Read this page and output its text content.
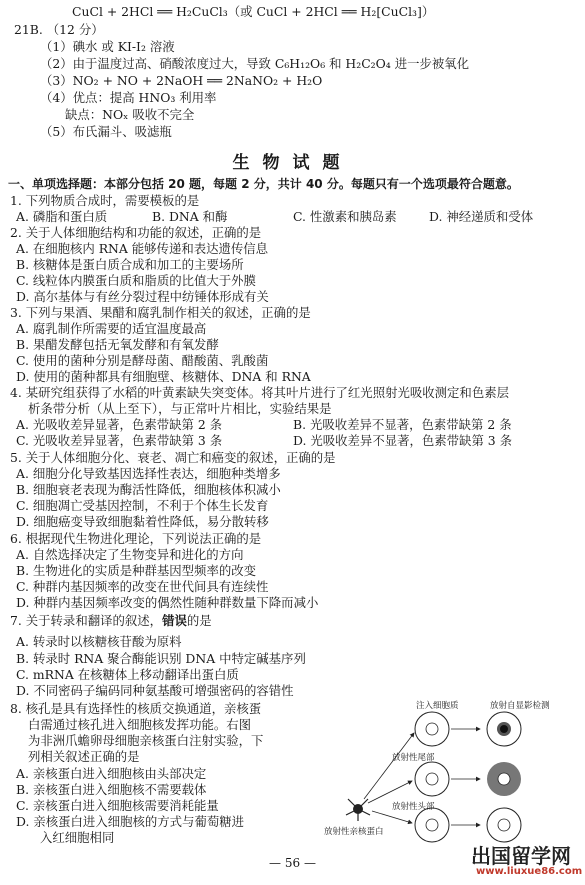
CuCl + 2HCl ══ H₂CuCl₃（或 CuCl + 2HCl ══ H₂[CuCl₃]）
21B. （12 分）
（1）碘水 或 KI-I₂ 溶液
（2）由于温度过高、硝酸浓度过大，导致 C₆H₁₂O₆ 和 H₂C₂O₄ 进一步被氧化
（3）NO₂ + NO + 2NaOH ══ 2NaNO₂ + H₂O
（4）优点：提高 HNO₃ 利用率
缺点：NOₓ 吸收不完全
（5）布氏漏斗、吸滤瓶
生物试题
一、单项选择题：本部分包括 20 题，每题 2 分，共计 40 分。每题只有一个选项最符合题意。
1. 下列物质合成时，需要模板的是
A. 磷脂和蛋白质	B. DNA 和酶	C. 性激素和胰岛素	D. 神经递质和受体
2. 关于人体细胞结构和功能的叙述，正确的是
A. 在细胞核内 RNA 能够传递和表达遗传信息
B. 核糖体是蛋白质合成和加工的主要场所
C. 线粒体内膜蛋白质和脂质的比值大于外膜
D. 高尔基体与有丝分裂过程中纺锤体形成有关
3. 下列与果酒、果醋和腐乳制作相关的叙述，正确的是
A. 腐乳制作所需要的适宜温度最高
B. 果醋发酵包括无氧发酵和有氧发酵
C. 使用的菌种分别是酵母菌、醋酸菌、乳酸菌
D. 使用的菌种都具有细胞壁、核糖体、DNA 和 RNA
4. 某研究组获得了水稻的叶黄素缺失突变体。将其叶片进行了红光照射光吸收测定和色素层
析条带分析（从上至下），与正常叶片相比，实验结果是
A. 光吸收差异显著，色素带缺第 2 条	B. 光吸收差异不显著，色素带缺第 2 条
C. 光吸收差异显著，色素带缺第 3 条	D. 光吸收差异不显著，色素带缺第 3 条
5. 关于人体细胞分化、衰老、凋亡和癌变的叙述，正确的是
A. 细胞分化导致基因选择性表达，细胞种类增多
B. 细胞衰老表现为酶活性降低，细胞核体积减小
C. 细胞凋亡受基因控制，不利于个体生长发育
D. 细胞癌变导致细胞黏着性降低，易分散转移
6. 根据现代生物进化理论，下列说法正确的是
A. 自然选择决定了生物变异和进化的方向
B. 生物进化的实质是种群基因型频率的改变
C. 种群内基因频率的改变在世代间具有连续性
D. 种群内基因频率改变的偶然性随种群数量下降而减小
7. 关于转录和翻译的叙述，错误的是
A. 转录时以核糖核苷酸为原料
B. 转录时 RNA 聚合酶能识别 DNA 中特定碱基序列
C. mRNA 在核糖体上移动翻译出蛋白质
D. 不同密码子编码同种氨基酸可增强密码的容错性
8. 核孔是具有选择性的核质交换通道，亲核蛋
白需通过核孔进入细胞核发挥功能。右图
为非洲爪蟾卵母细胞亲核蛋白注射实验，下
列相关叙述正确的是
A. 亲核蛋白进入细胞核由头部决定
B. 亲核蛋白进入细胞核不需要载体
C. 亲核蛋白进入细胞核需要消耗能量
D. 亲核蛋白进入细胞核的方式与葡萄糖进
入红细胞相同
注入细胞质	放射自显影检测
放射性尾部
放射性头部
放射性亲核蛋白
— 56 —	出国留学网
www.liuxue86.com
